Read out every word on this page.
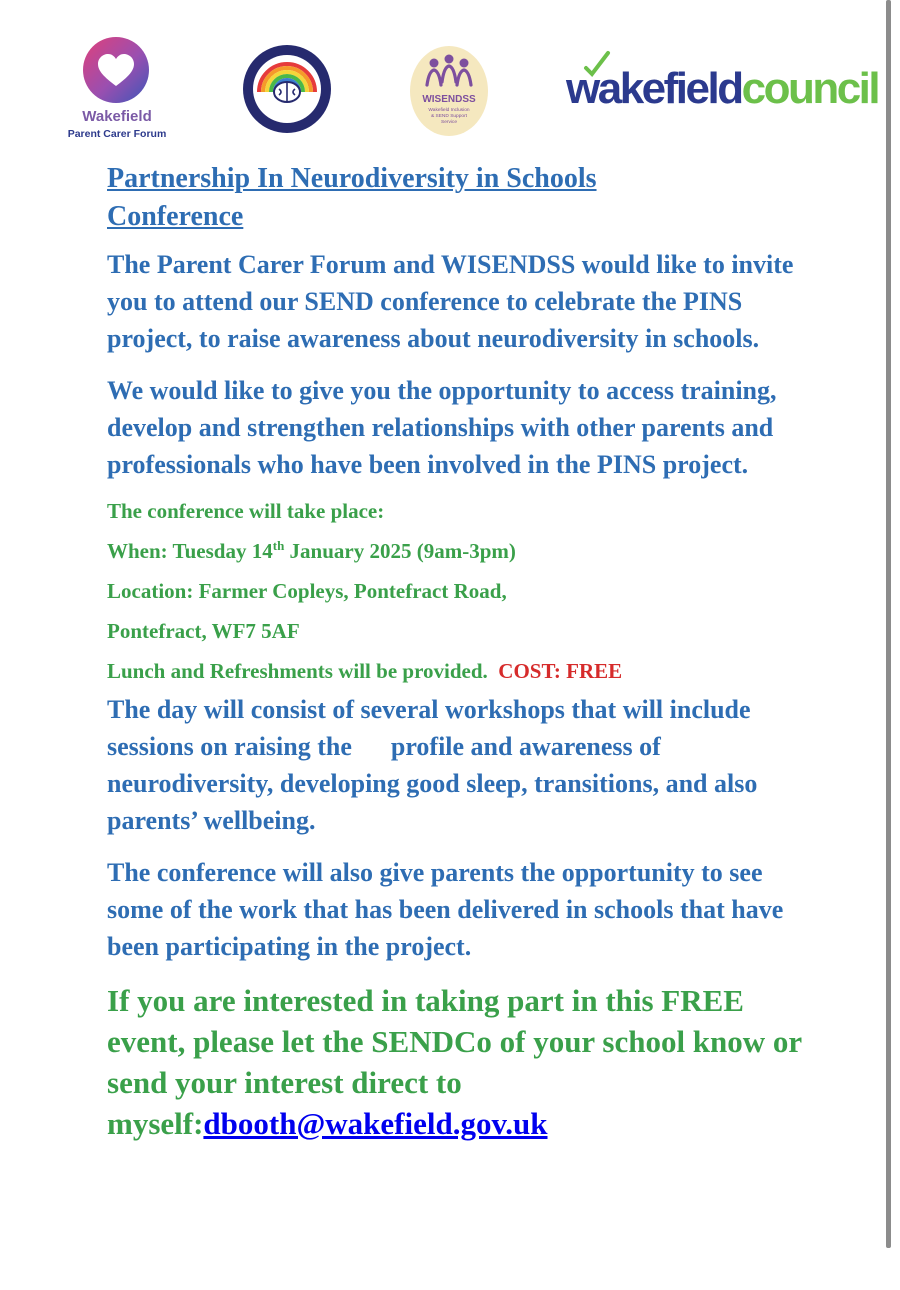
Wakefield
Parent Carer Forum
NEURODIVERSITY	WISENDSS
Wakefield Inclusion
& SEND Support
Service
wakefieldcouncil
Partnership In Neurodiversity in Schools
Conference

The Parent Carer Forum and WISENDSS would like to invite you to attend our SEND conference to celebrate the PINS project, to raise awareness about neurodiversity in schools.

We would like to give you the opportunity to access training, develop and strengthen relationships with other parents and professionals who have been involved in the PINS project.

The conference will take place:

When: Tuesday 14th January 2025 (9am-3pm)

Location: Farmer Copleys, Pontefract Road,

Pontefract, WF7 5AF

Lunch and Refreshments will be provided. COST: FREE

The day will consist of several workshops that will include sessions on raising the      profile and awareness of neurodiversity, developing good sleep, transitions, and also parents’ wellbeing.

The conference will also give parents the opportunity to see some of the work that has been delivered in schools that have been participating in the project.

If you are interested in taking part in this FREE event, please let the SENDCo of your school know or send your interest direct to myself:dbooth@wakefield.gov.uk
